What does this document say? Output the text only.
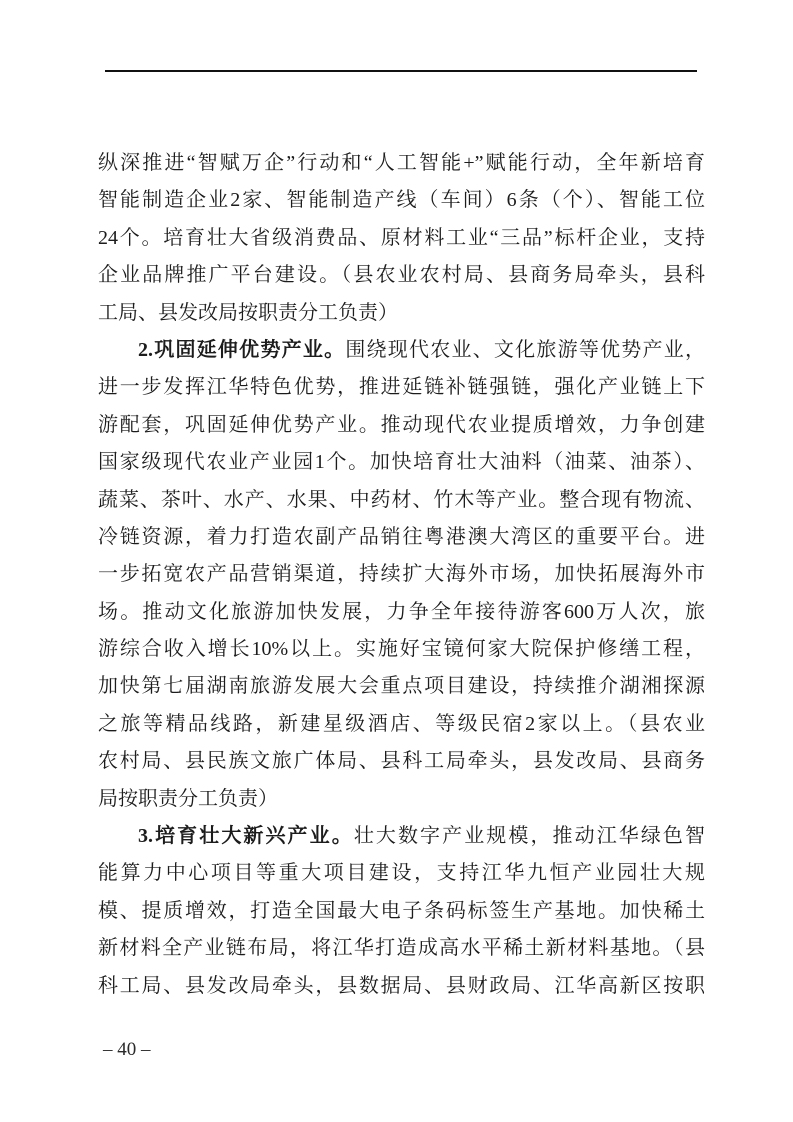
纵深推进“智赋万企”行动和“人工智能+”赋能行动，全年新培育
智能制造企业2家、智能制造产线（车间）6条（个）、智能工位
24个。培育壮大省级消费品、原材料工业“三品”标杆企业，支持
企业品牌推广平台建设。（县农业农村局、县商务局牵头，县科
工局、县发改局按职责分工负责）
2.巩固延伸优势产业。围绕现代农业、文化旅游等优势产业，
进一步发挥江华特色优势，推进延链补链强链，强化产业链上下
游配套，巩固延伸优势产业。推动现代农业提质增效，力争创建
国家级现代农业产业园1个。加快培育壮大油料（油菜、油茶）、
蔬菜、茶叶、水产、水果、中药材、竹木等产业。整合现有物流、
冷链资源，着力打造农副产品销往粤港澳大湾区的重要平台。进
一步拓宽农产品营销渠道，持续扩大海外市场，加快拓展海外市
场。推动文化旅游加快发展，力争全年接待游客600万人次，旅
游综合收入增长10%以上。实施好宝镜何家大院保护修缮工程，
加快第七届湖南旅游发展大会重点项目建设，持续推介湖湘探源
之旅等精品线路，新建星级酒店、等级民宿2家以上。（县农业
农村局、县民族文旅广体局、县科工局牵头，县发改局、县商务
局按职责分工负责）
3.培育壮大新兴产业。壮大数字产业规模，推动江华绿色智
能算力中心项目等重大项目建设，支持江华九恒产业园壮大规
模、提质增效，打造全国最大电子条码标签生产基地。加快稀土
新材料全产业链布局，将江华打造成高水平稀土新材料基地。（县
科工局、县发改局牵头，县数据局、县财政局、江华高新区按职
– 40 –
